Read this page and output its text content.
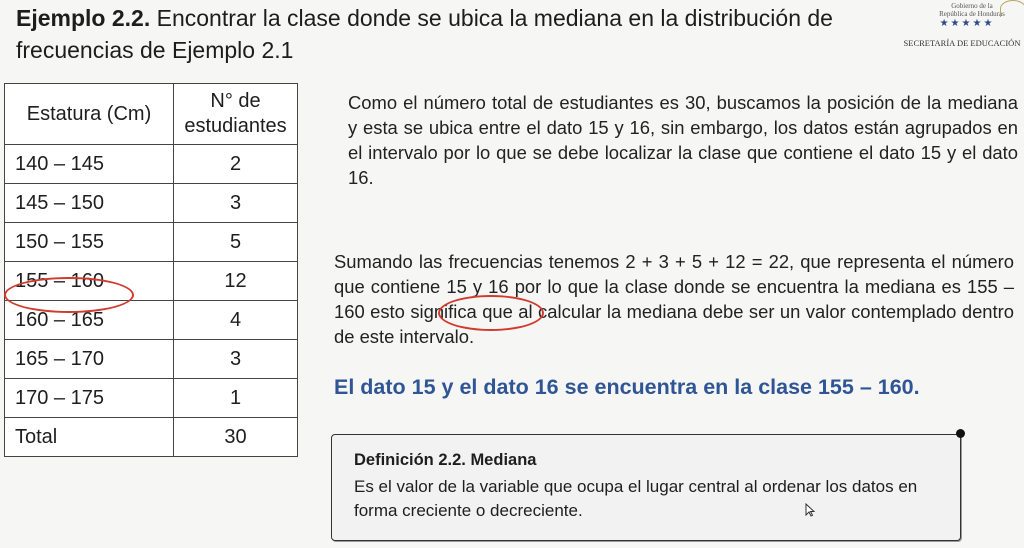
Ejemplo 2.2. Encontrar la clase donde se ubica la mediana en la distribución de frecuencias de Ejemplo 2.1
Gobierno de la
República de Honduras
★★★★★
SECRETARÍA DE EDUCACIÓN
Estatura (Cm)	N° de estudiantes
140 – 145	2
145 – 150	3
150 – 155	5
155 – 160	12
160 – 165	4
165 – 170	3
170 – 175	1
Total	30
Como el número total de estudiantes es 30, buscamos la posición de la mediana y esta se ubica entre el dato 15 y 16, sin embargo, los datos están agrupados en el intervalo por lo que se debe localizar la clase que contiene el dato 15 y el dato 16.
Sumando las frecuencias tenemos 2 + 3 + 5 + 12 = 22, que representa el número que contiene 15 y 16 por lo que la clase donde se encuentra la mediana es 155 – 160 esto significa que al calcular la mediana debe ser un valor contemplado dentro de este intervalo.
El dato 15 y el dato 16 se encuentra en la clase 155 – 160.
Definición 2.2. Mediana
Es el valor de la variable que ocupa el lugar central al ordenar los datos en forma creciente o decreciente.
